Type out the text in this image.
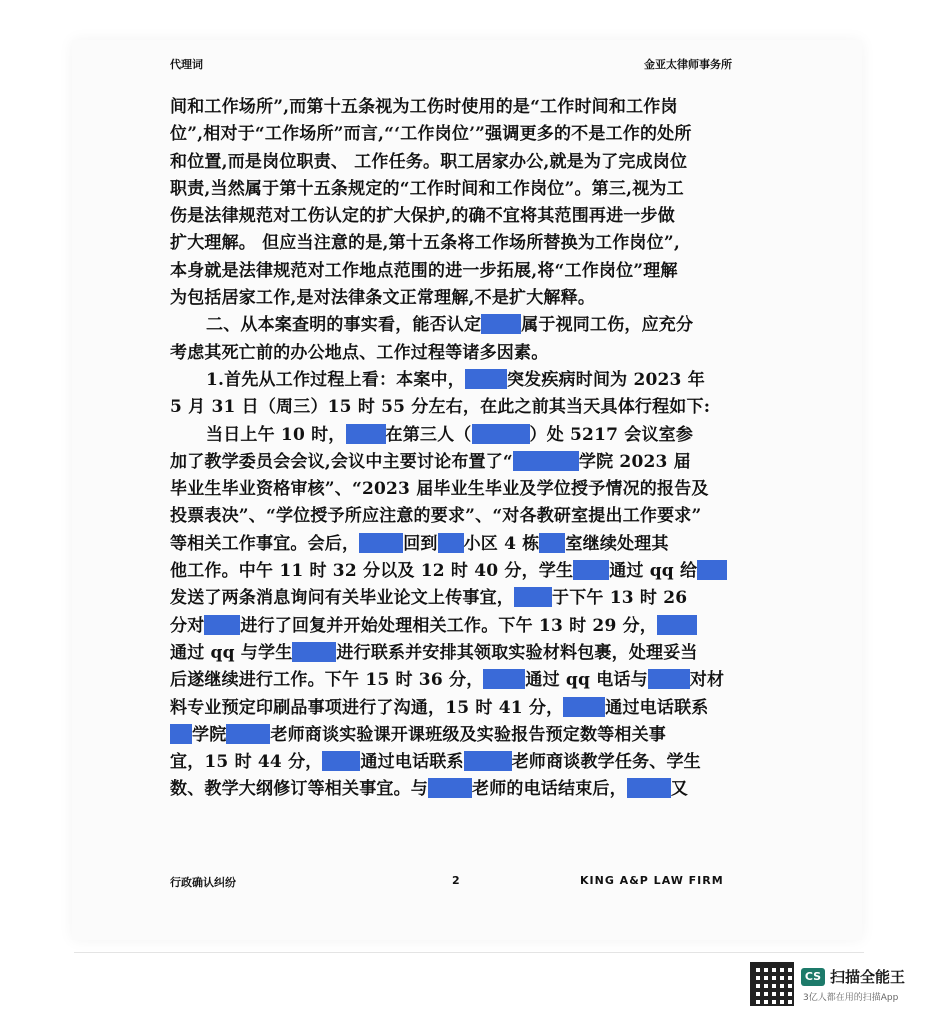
代理词	金亚太律师事务所
间和工作场所”,而第十五条视为工伤时使用的是“工作时间和工作岗
位”,相对于“工作场所”而言,“‘工作岗位’”强调更多的不是工作的处所
和位置,而是岗位职责、 工作任务。职工居家办公,就是为了完成岗位
职责,当然属于第十五条规定的“工作时间和工作岗位”。第三,视为工
伤是法律规范对工伤认定的扩大保护,的确不宜将其范围再进一步做
扩大理解。 但应当注意的是,第十五条将工作场所替换为工作岗位”,
本身就是法律规范对工作地点范围的进一步拓展,将“工作岗位”理解
为包括居家工作,是对法律条文正常理解,不是扩大解释。
二、从本案查明的事实看，能否认定 属于视同工伤，应充分
考虑其死亡前的办公地点、工作过程等诸多因素。
1.首先从工作过程上看：本案中， 突发疾病时间为 2023 年
5 月 31 日（周三）15 时 55 分左右，在此之前其当天具体行程如下:
当日上午 10 时， 在第三人（	）处 5217 会议室参
加了教学委员会会议,会议中主要讨论布置了“	学院 2023 届
毕业生毕业资格审核”、“2023 届毕业生毕业及学位授予情况的报告及
投票表决”、“学位授予所应注意的要求”、“对各教研室提出工作要求”
等相关工作事宜。会后，	回到 小区 4 栋 室继续处理其
他工作。中午 11 时 32 分以及 12 时 40 分，学生 通过 qq 给
发送了两条消息询问有关毕业论文上传事宜， 于下午 13 时 26
分对 进行了回复并开始处理相关工作。下午 13 时 29 分，
通过 qq 与学生	进行联系并安排其领取实验材料包裹，处理妥当
后遂继续进行工作。下午 15 时 36 分， 通过 qq 电话与 对材
料专业预定印刷品事项进行了沟通，15 时 41 分， 通过电话联系
学院	老师商谈实验课开课班级及实验报告预定数等相关事
宜，15 时 44 分， 通过电话联系	老师商谈教学任务、学生
数、教学大纲修订等相关事宜。与	老师的电话结束后，	又
行政确认纠纷	2	KING A&P LAW FIRM
CS 扫描全能王
3亿人都在用的扫描App
